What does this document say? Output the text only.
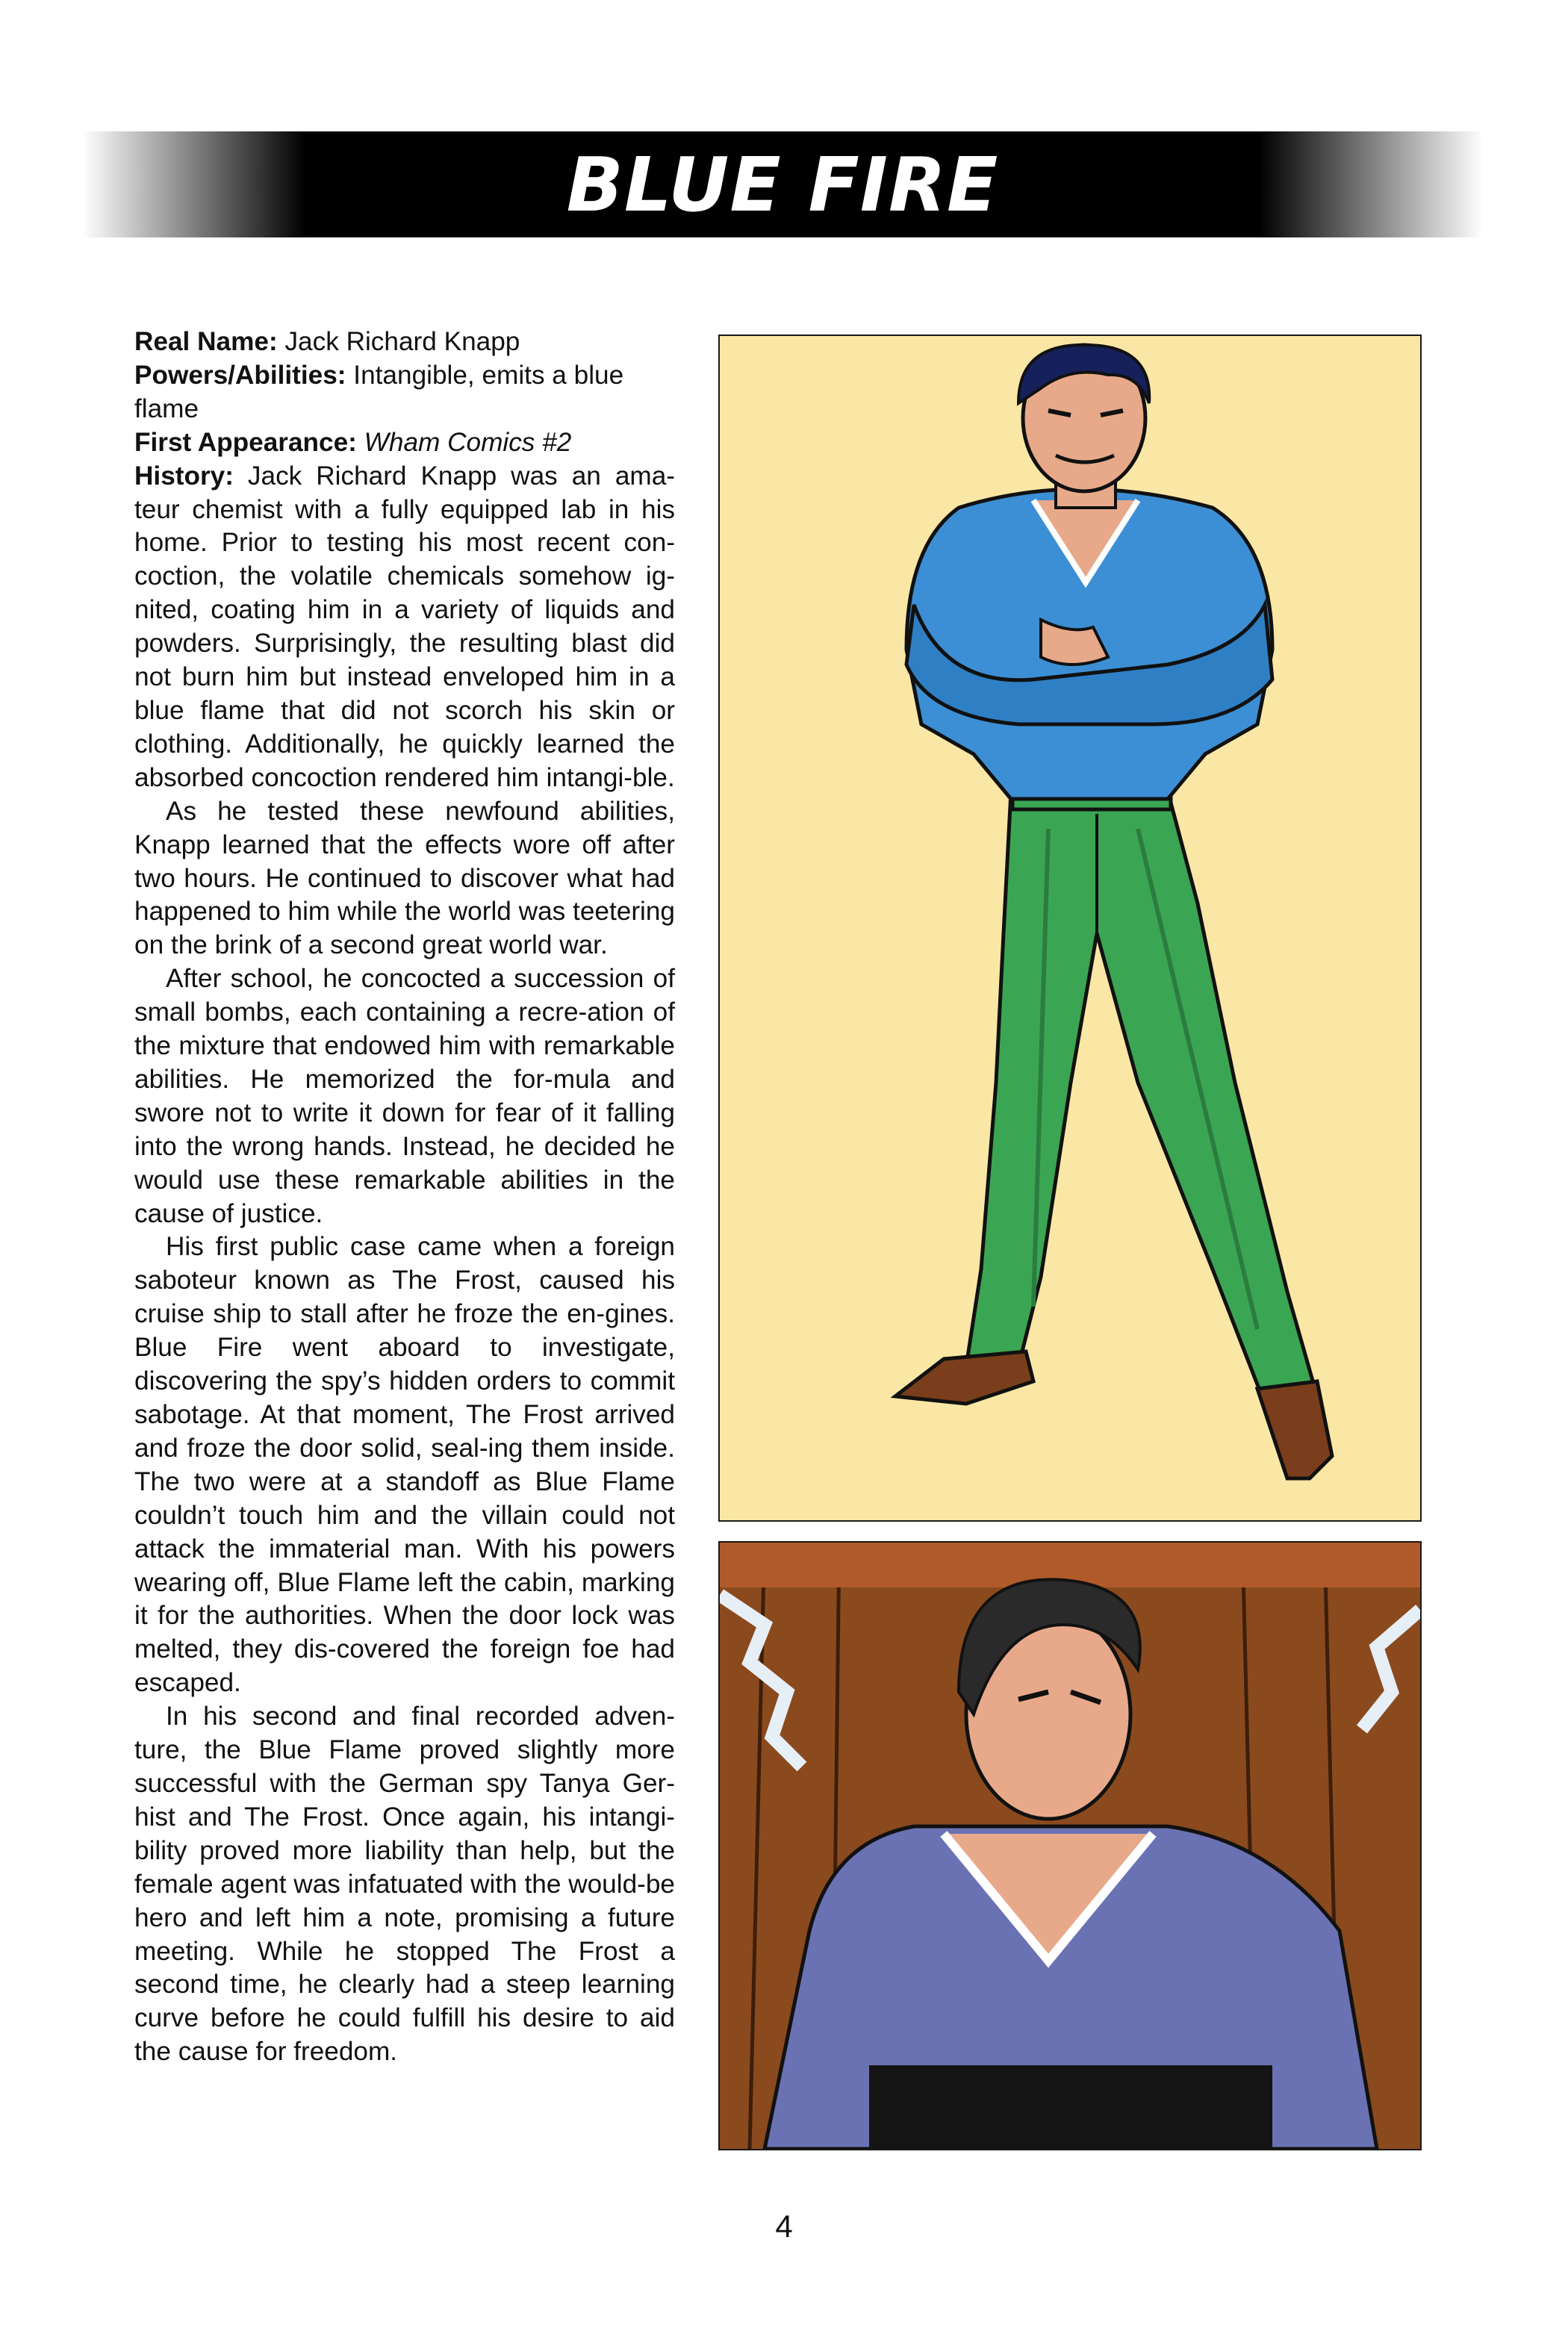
BLUE FIRE

Real Name: Jack Richard Knapp

Powers/Abilities: Intangible, emits a blue flame

First Appearance: Wham Comics #2

History: Jack Richard Knapp was an ama-teur chemist with a fully equipped lab in his home. Prior to testing his most recent con-coction, the volatile chemicals somehow ig-nited, coating him in a variety of liquids and powders. Surprisingly, the resulting blast did not burn him but instead enveloped him in a blue flame that did not scorch his skin or clothing. Additionally, he quickly learned the absorbed concoction rendered him intangi-ble.

As he tested these newfound abilities, Knapp learned that the effects wore off after two hours. He continued to discover what had happened to him while the world was teetering on the brink of a second great world war.

After school, he concocted a succession of small bombs, each containing a recre-ation of the mixture that endowed him with remarkable abilities. He memorized the for-mula and swore not to write it down for fear of it falling into the wrong hands. Instead, he decided he would use these remarkable abilities in the cause of justice.

His first public case came when a foreign saboteur known as The Frost, caused his cruise ship to stall after he froze the en-gines. Blue Fire went aboard to investigate, discovering the spy’s hidden orders to commit sabotage. At that moment, The Frost arrived and froze the door solid, seal-ing them inside. The two were at a standoff as Blue Flame couldn’t touch him and the villain could not attack the immaterial man. With his powers wearing off, Blue Flame left the cabin, marking it for the authorities. When the door lock was melted, they dis-covered the foreign foe had escaped.

In his second and final recorded adven-ture, the Blue Flame proved slightly more successful with the German spy Tanya Ger-hist and The Frost. Once again, his intangi-bility proved more liability than help, but the female agent was infatuated with the would-be hero and left him a note, promising a future meeting. While he stopped The Frost a second time, he clearly had a steep learning curve before he could fulfill his desire to aid the cause for freedom.

4
